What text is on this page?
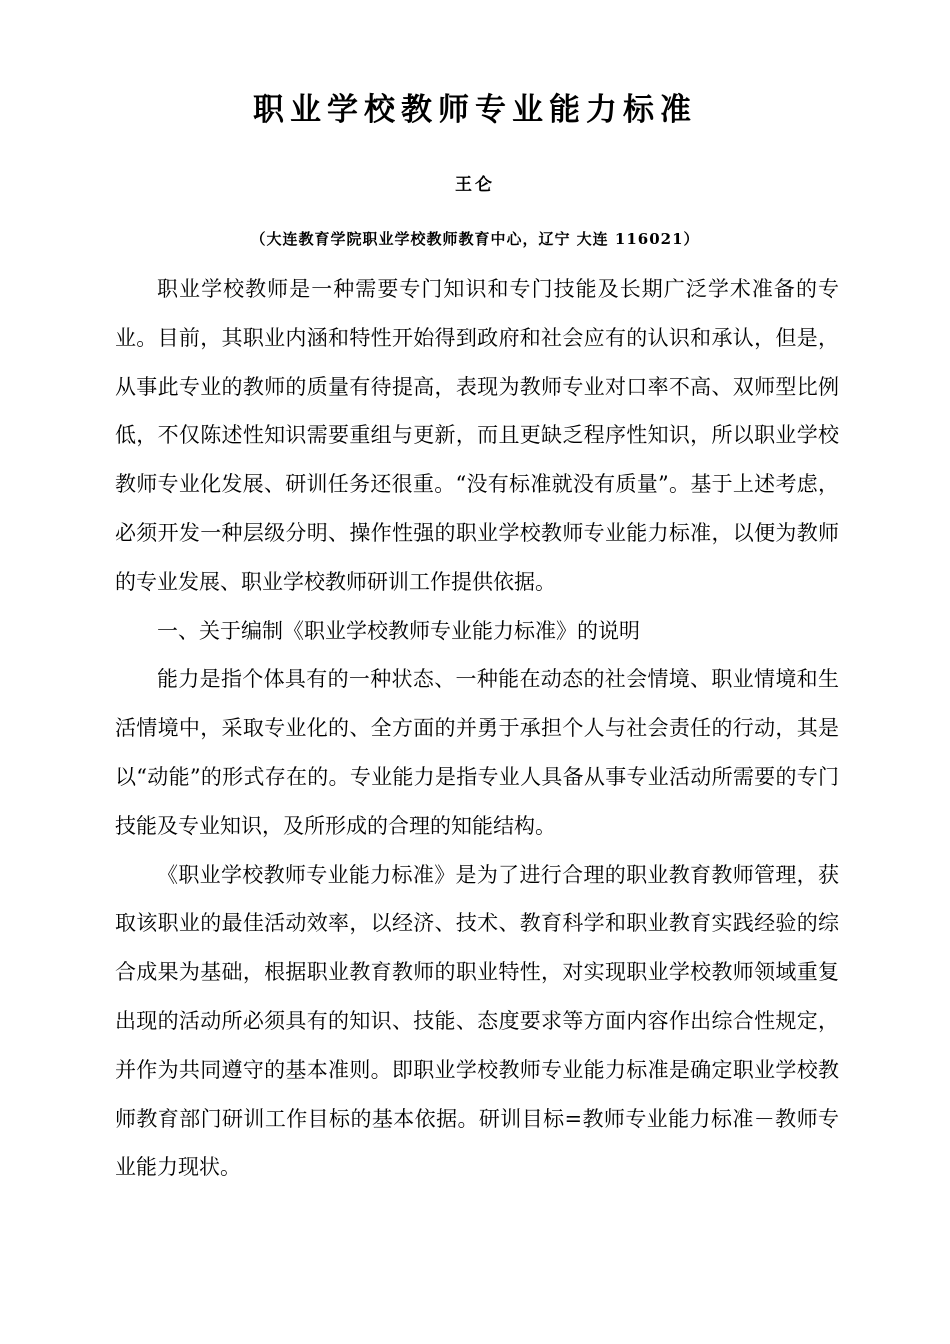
职业学校教师专业能力标准
王仑
（大连教育学院职业学校教师教育中心，辽宁 大连 116021）

职业学校教师是一种需要专门知识和专门技能及长期广泛学术准备的专业。目前，其职业内涵和特性开始得到政府和社会应有的认识和承认，但是，从事此专业的教师的质量有待提高，表现为教师专业对口率不高、双师型比例低，不仅陈述性知识需要重组与更新，而且更缺乏程序性知识，所以职业学校教师专业化发展、研训任务还很重。“没有标准就没有质量”。基于上述考虑，必须开发一种层级分明、操作性强的职业学校教师专业能力标准，以便为教师的专业发展、职业学校教师研训工作提供依据。

一、关于编制《职业学校教师专业能力标准》的说明

能力是指个体具有的一种状态、一种能在动态的社会情境、职业情境和生活情境中，采取专业化的、全方面的并勇于承担个人与社会责任的行动，其是以“动能”的形式存在的。专业能力是指专业人具备从事专业活动所需要的专门技能及专业知识，及所形成的合理的知能结构。

《职业学校教师专业能力标准》是为了进行合理的职业教育教师管理，获取该职业的最佳活动效率，以经济、技术、教育科学和职业教育实践经验的综合成果为基础，根据职业教育教师的职业特性，对实现职业学校教师领域重复出现的活动所必须具有的知识、技能、态度要求等方面内容作出综合性规定，并作为共同遵守的基本准则。即职业学校教师专业能力标准是确定职业学校教师教育部门研训工作目标的基本依据。研训目标=教师专业能力标准－教师专业能力现状。
